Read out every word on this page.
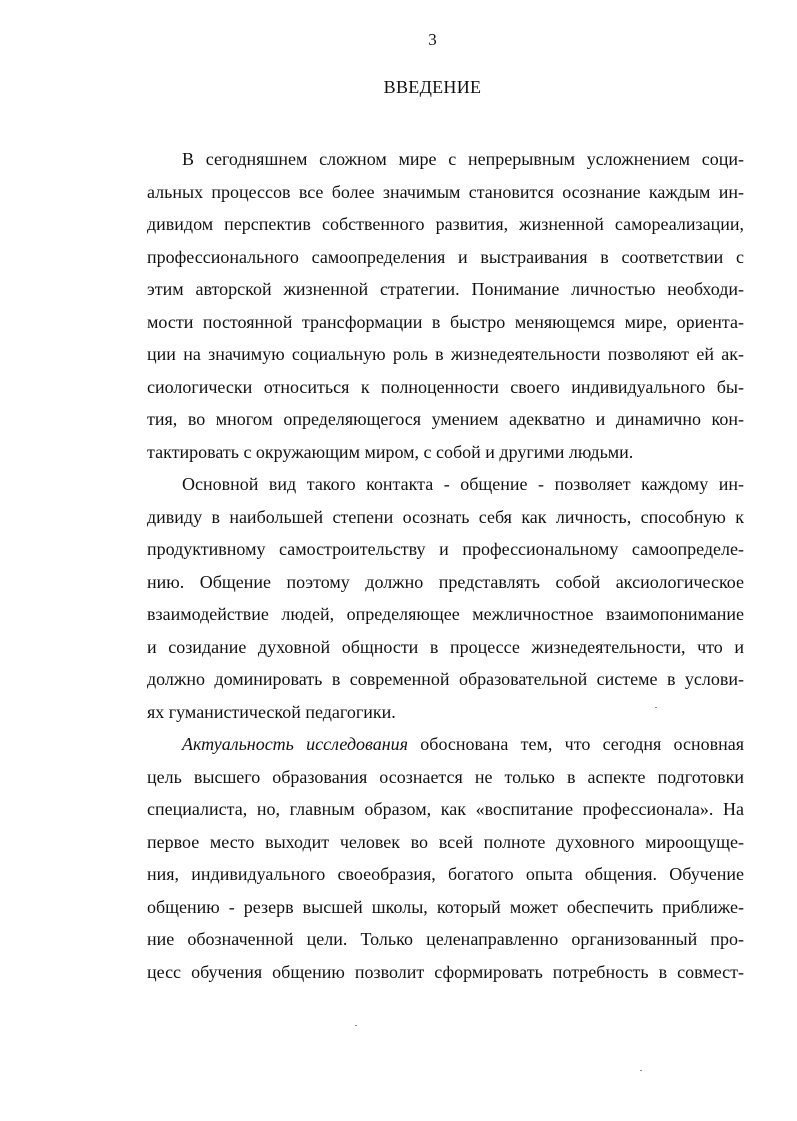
3
ВВЕДЕНИЕ
В сегодняшнем сложном мире с непрерывным усложнением соци-
альных процессов все более значимым становится осознание каждым ин-
дивидом перспектив собственного развития, жизненной самореализации,
профессионального самоопределения и выстраивания в соответствии с
этим авторской жизненной стратегии. Понимание личностью необходи-
мости постоянной трансформации в быстро меняющемся мире, ориента-
ции на значимую социальную роль в жизнедеятельности позволяют ей ак-
сиологически относиться к полноценности своего индивидуального бы-
тия, во многом определяющегося умением адекватно и динамично кон-
тактировать с окружающим миром, с собой и другими людьми.
Основной вид такого контакта - общение - позволяет каждому ин-
дивиду в наибольшей степени осознать себя как личность, способную к
продуктивному самостроительству и профессиональному самоопределе-
нию. Общение поэтому должно представлять собой аксиологическое
взаимодействие людей, определяющее межличностное взаимопонимание
и созидание духовной общности в процессе жизнедеятельности, что и
должно доминировать в современной образовательной системе в услови-
ях гуманистической педагогики.
Актуальность исследования обоснована тем, что сегодня основная
цель высшего образования осознается не только в аспекте подготовки
специалиста, но, главным образом, как «воспитание профессионала». На
первое место выходит человек во всей полноте духовного мироощуще-
ния, индивидуального своеобразия, богатого опыта общения. Обучение
общению - резерв высшей школы, который может обеспечить приближе-
ние обозначенной цели. Только целенаправленно организованный про-
цесс обучения общению позволит сформировать потребность в совмест-
